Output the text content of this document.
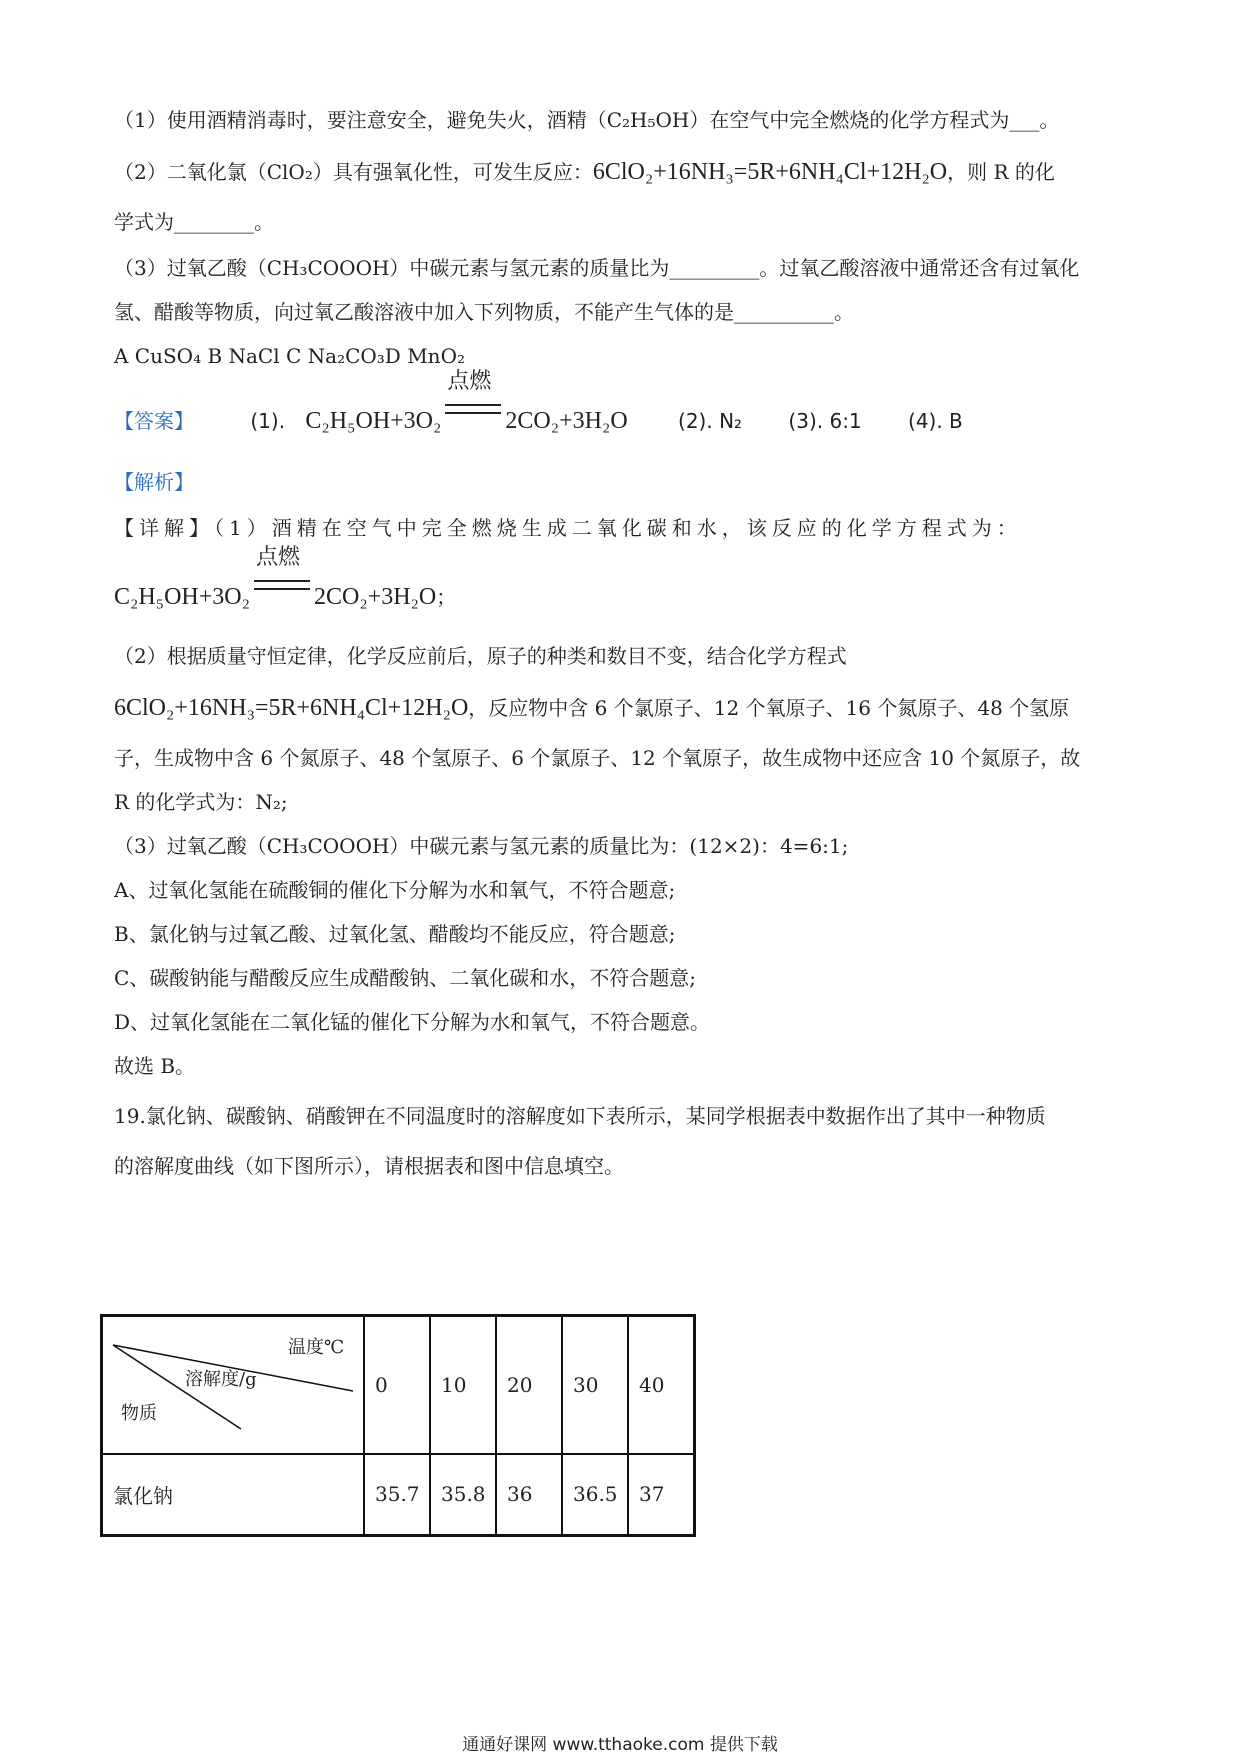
（1）使用酒精消毒时，要注意安全，避免失火，酒精（C₂H₅OH）在空气中完全燃烧的化学方程式为___。
（2）二氧化氯（ClO₂）具有强氧化性，可发生反应：6ClO₂+16NH₃=5R+6NH₄Cl+12H₂O，则 R 的化
学式为________。
（3）过氧乙酸（CH₃COOOH）中碳元素与氢元素的质量比为_________。过氧乙酸溶液中通常还含有过氧化
氢、醋酸等物质，向过氧乙酸溶液中加入下列物质，不能产生气体的是__________。
A CuSO₄ B NaCl C Na₂CO₃D MnO₂
【答案】	(1). C₂H₅OH+3O₂
点燃
2CO₂+3H₂O	(2). N₂ (3). 6:1 (4). B
【解析】
【详解】（1）酒精在空气中完全燃烧生成二氧化碳和水，该反应的化学方程式为：
C₂H₅OH+3O₂
点燃
2CO₂+3H₂O；
（2）根据质量守恒定律，化学反应前后，原子的种类和数目不变，结合化学方程式
6ClO₂+16NH₃=5R+6NH₄Cl+12H₂O，反应物中含 6 个氯原子、12 个氧原子、16 个氮原子、48 个氢原
子，生成物中含 6 个氮原子、48 个氢原子、6 个氯原子、12 个氧原子，故生成物中还应含 10 个氮原子，故
R 的化学式为：N₂;
（3）过氧乙酸（CH₃COOOH）中碳元素与氢元素的质量比为：(12×2)：4=6:1;
A、过氧化氢能在硫酸铜的催化下分解为水和氧气，不符合题意;
B、氯化钠与过氧乙酸、过氧化氢、醋酸均不能反应，符合题意;
C、碳酸钠能与醋酸反应生成醋酸钠、二氧化碳和水，不符合题意;
D、过氧化氢能在二氧化锰的催化下分解为水和氧气，不符合题意。
故选 B。
19.氯化钠、碳酸钠、硝酸钾在不同温度时的溶解度如下表所示，某同学根据表中数据作出了其中一种物质
的溶解度曲线（如下图所示），请根据表和图中信息填空。
温度℃
溶解度/g
物质	0	10	20	30	40
氯化钠	35.7	35.8	36	36.5	37
通通好课网 www.tthaoke.com 提供下载
